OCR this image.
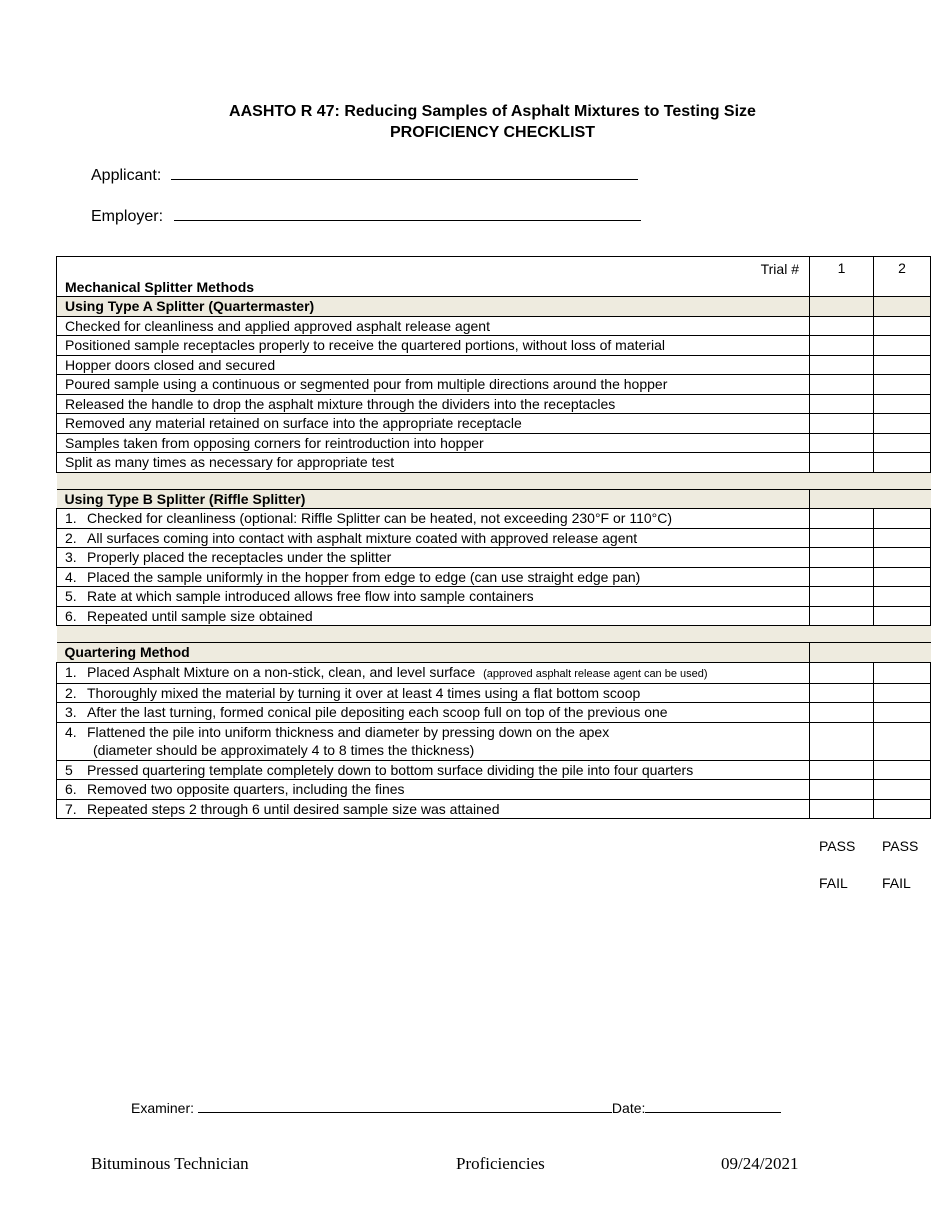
AASHTO R 47: Reducing Samples of Asphalt Mixtures to Testing Size
PROFICIENCY CHECKLIST
Applicant:
Employer:
Trial #
Mechanical Splitter Methods	1	2
Using Type A Splitter (Quartermaster)		
Checked for cleanliness and applied approved asphalt release agent		
Positioned sample receptacles properly to receive the quartered portions, without loss of material		
Hopper doors closed and secured		
Poured sample using a continuous or segmented pour from multiple directions around the hopper		
Released the handle to drop the asphalt mixture through the dividers into the receptacles		
Removed any material retained on surface into the appropriate receptacle		
Samples taken from opposing corners for reintroduction into hopper		
Split as many times as necessary for appropriate test		

Using Type B Splitter (Riffle Splitter)		
1. Checked for cleanliness (optional: Riffle Splitter can be heated, not exceeding 230°F or 110°C)		
2. All surfaces coming into contact with asphalt mixture coated with approved release agent		
3. Properly placed the receptacles under the splitter		
4. Placed the sample uniformly in the hopper from edge to edge (can use straight edge pan)		
5. Rate at which sample introduced allows free flow into sample containers		
6. Repeated until sample size obtained		

Quartering Method		
1. Placed Asphalt Mixture on a non-stick, clean, and level surface (approved asphalt release agent can be used)		
2. Thoroughly mixed the material by turning it over at least 4 times using a flat bottom scoop		
3. After the last turning, formed conical pile depositing each scoop full on top of the previous one		

4. Flattened the pile into uniform thickness and diameter by pressing down on the apex
(diameter should be approximately 4 to 8 times the thickness)		

5 Pressed quartering template completely down to bottom surface dividing the pile into four quarters		
6. Removed two opposite quarters, including the fines		
7. Repeated steps 2 through 6 until desired sample size was attained		
PASS PASS
FAIL FAIL
Examiner:	Date:
Bituminous Technician	Proficiencies	09/24/2021
